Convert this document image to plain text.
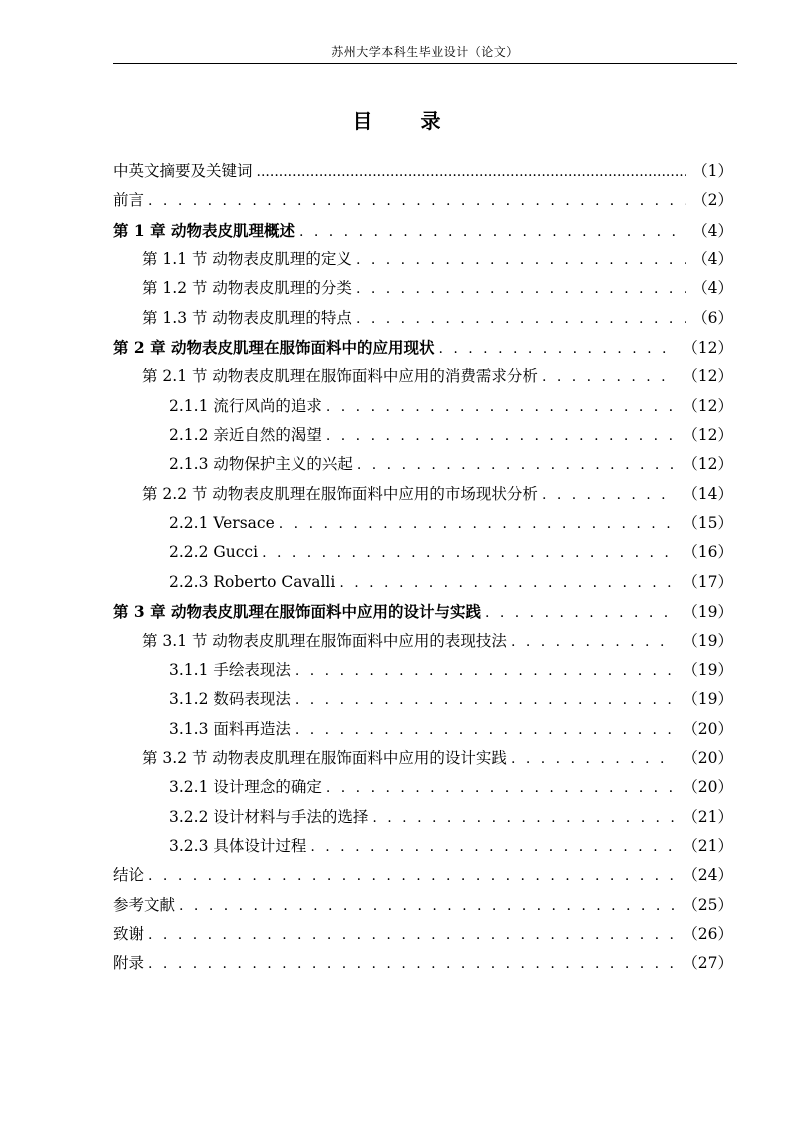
苏州大学本科生毕业设计（论文）
目　录
中英文摘要及关键词 .....	（1）
前言 . . .	（2）
第 1 章 动物表皮肌理概述 . . .	（4）
第 1.1 节 动物表皮肌理的定义 . . .	（4）
第 1.2 节 动物表皮肌理的分类 . . .	（4）
第 1.3 节 动物表皮肌理的特点 . . .	（6）
第 2 章 动物表皮肌理在服饰面料中的应用现状 . . .	（12）
第 2.1 节 动物表皮肌理在服饰面料中应用的消费需求分析 . . .	（12）
2.1.1 流行风尚的追求 . . .	（12）
2.1.2 亲近自然的渴望 . . .	（12）
2.1.3 动物保护主义的兴起 . . .	（12）
第 2.2 节 动物表皮肌理在服饰面料中应用的市场现状分析 . . .	（14）
2.2.1 Versace . . .	（15）
2.2.2 Gucci . . .	（16）
2.2.3 Roberto Cavalli . . .	（17）
第 3 章 动物表皮肌理在服饰面料中应用的设计与实践 . . .	（19）
第 3.1 节 动物表皮肌理在服饰面料中应用的表现技法 . . .	（19）
3.1.1 手绘表现法 . . .	（19）
3.1.2 数码表现法 . . .	（19）
3.1.3 面料再造法 . . .	（20）
第 3.2 节 动物表皮肌理在服饰面料中应用的设计实践 . . .	（20）
3.2.1 设计理念的确定 . . .	（20）
3.2.2 设计材料与手法的选择 . . .	（21）
3.2.3 具体设计过程 . . .	（21）
结论 . . .	（24）
参考文献 . . .	（25）
致谢 . . .	（26）
附录 . . .	（27）
